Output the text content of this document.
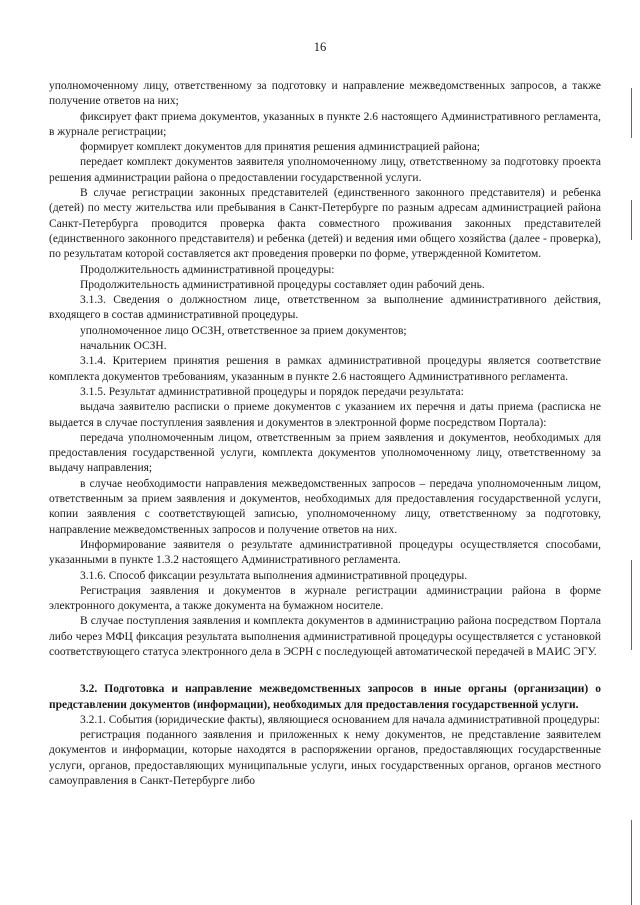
16

уполномоченному лицу, ответственному за подготовку и направление межведомственных запросов, а также получение ответов на них;

фиксирует факт приема документов, указанных в пункте 2.6 настоящего Административного регламента, в журнале регистрации;

формирует комплект документов для принятия решения администрацией района;

передает комплект документов заявителя уполномоченному лицу, ответственному за подготовку проекта решения администрации района о предоставлении государственной услуги.

В случае регистрации законных представителей (единственного законного представителя) и ребенка (детей) по месту жительства или пребывания в Санкт-Петербурге по разным адресам администрацией района Санкт-Петербурга проводится проверка факта совместного проживания законных представителей (единственного законного представителя) и ребенка (детей) и ведения ими общего хозяйства (далее - проверка), по результатам которой составляется акт проведения проверки по форме, утвержденной Комитетом.

Продолжительность административной процедуры:

Продолжительность административной процедуры составляет один рабочий день.

3.1.3. Сведения о должностном лице, ответственном за выполнение административного действия, входящего в состав административной процедуры.

уполномоченное лицо ОСЗН, ответственное за прием документов;

начальник ОСЗН.

3.1.4. Критерием принятия решения в рамках административной процедуры является соответствие комплекта документов требованиям, указанным в пункте 2.6 настоящего Административного регламента.

3.1.5. Результат административной процедуры и порядок передачи результата:

выдача заявителю расписки о приеме документов с указанием их перечня и даты приема (расписка не выдается в случае поступления заявления и документов в электронной форме посредством Портала):

передача уполномоченным лицом, ответственным за прием заявления и документов, необходимых для предоставления государственной услуги, комплекта документов уполномоченному лицу, ответственному за выдачу направления;

в случае необходимости направления межведомственных запросов – передача уполномоченным лицом, ответственным за прием заявления и документов, необходимых для предоставления государственной услуги, копии заявления с соответствующей записью, уполномоченному лицу, ответственному за подготовку, направление межведомственных запросов и получение ответов на них.

Информирование заявителя о результате административной процедуры осуществляется способами, указанными в пункте 1.3.2 настоящего Административного регламента.

3.1.6. Способ фиксации результата выполнения административной процедуры.

Регистрация заявления и документов в журнале регистрации администрации района в форме электронного документа, а также документа на бумажном носителе.

В случае поступления заявления и комплекта документов в администрацию района посредством Портала либо через МФЦ фиксация результата выполнения административной процедуры осуществляется с установкой соответствующего статуса электронного дела в ЭСРН с последующей автоматической передачей в МАИС ЭГУ.

3.2. Подготовка и направление межведомственных запросов в иные органы (организации) о представлении документов (информации), необходимых для предоставления государственной услуги.

3.2.1. События (юридические факты), являющиеся основанием для начала административной процедуры:

регистрация поданного заявления и приложенных к нему документов, не представление заявителем документов и информации, которые находятся в распоряжении органов, предоставляющих государственные услуги, органов, предоставляющих муниципальные услуги, иных государственных органов, органов местного самоуправления в Санкт-Петербурге либо
